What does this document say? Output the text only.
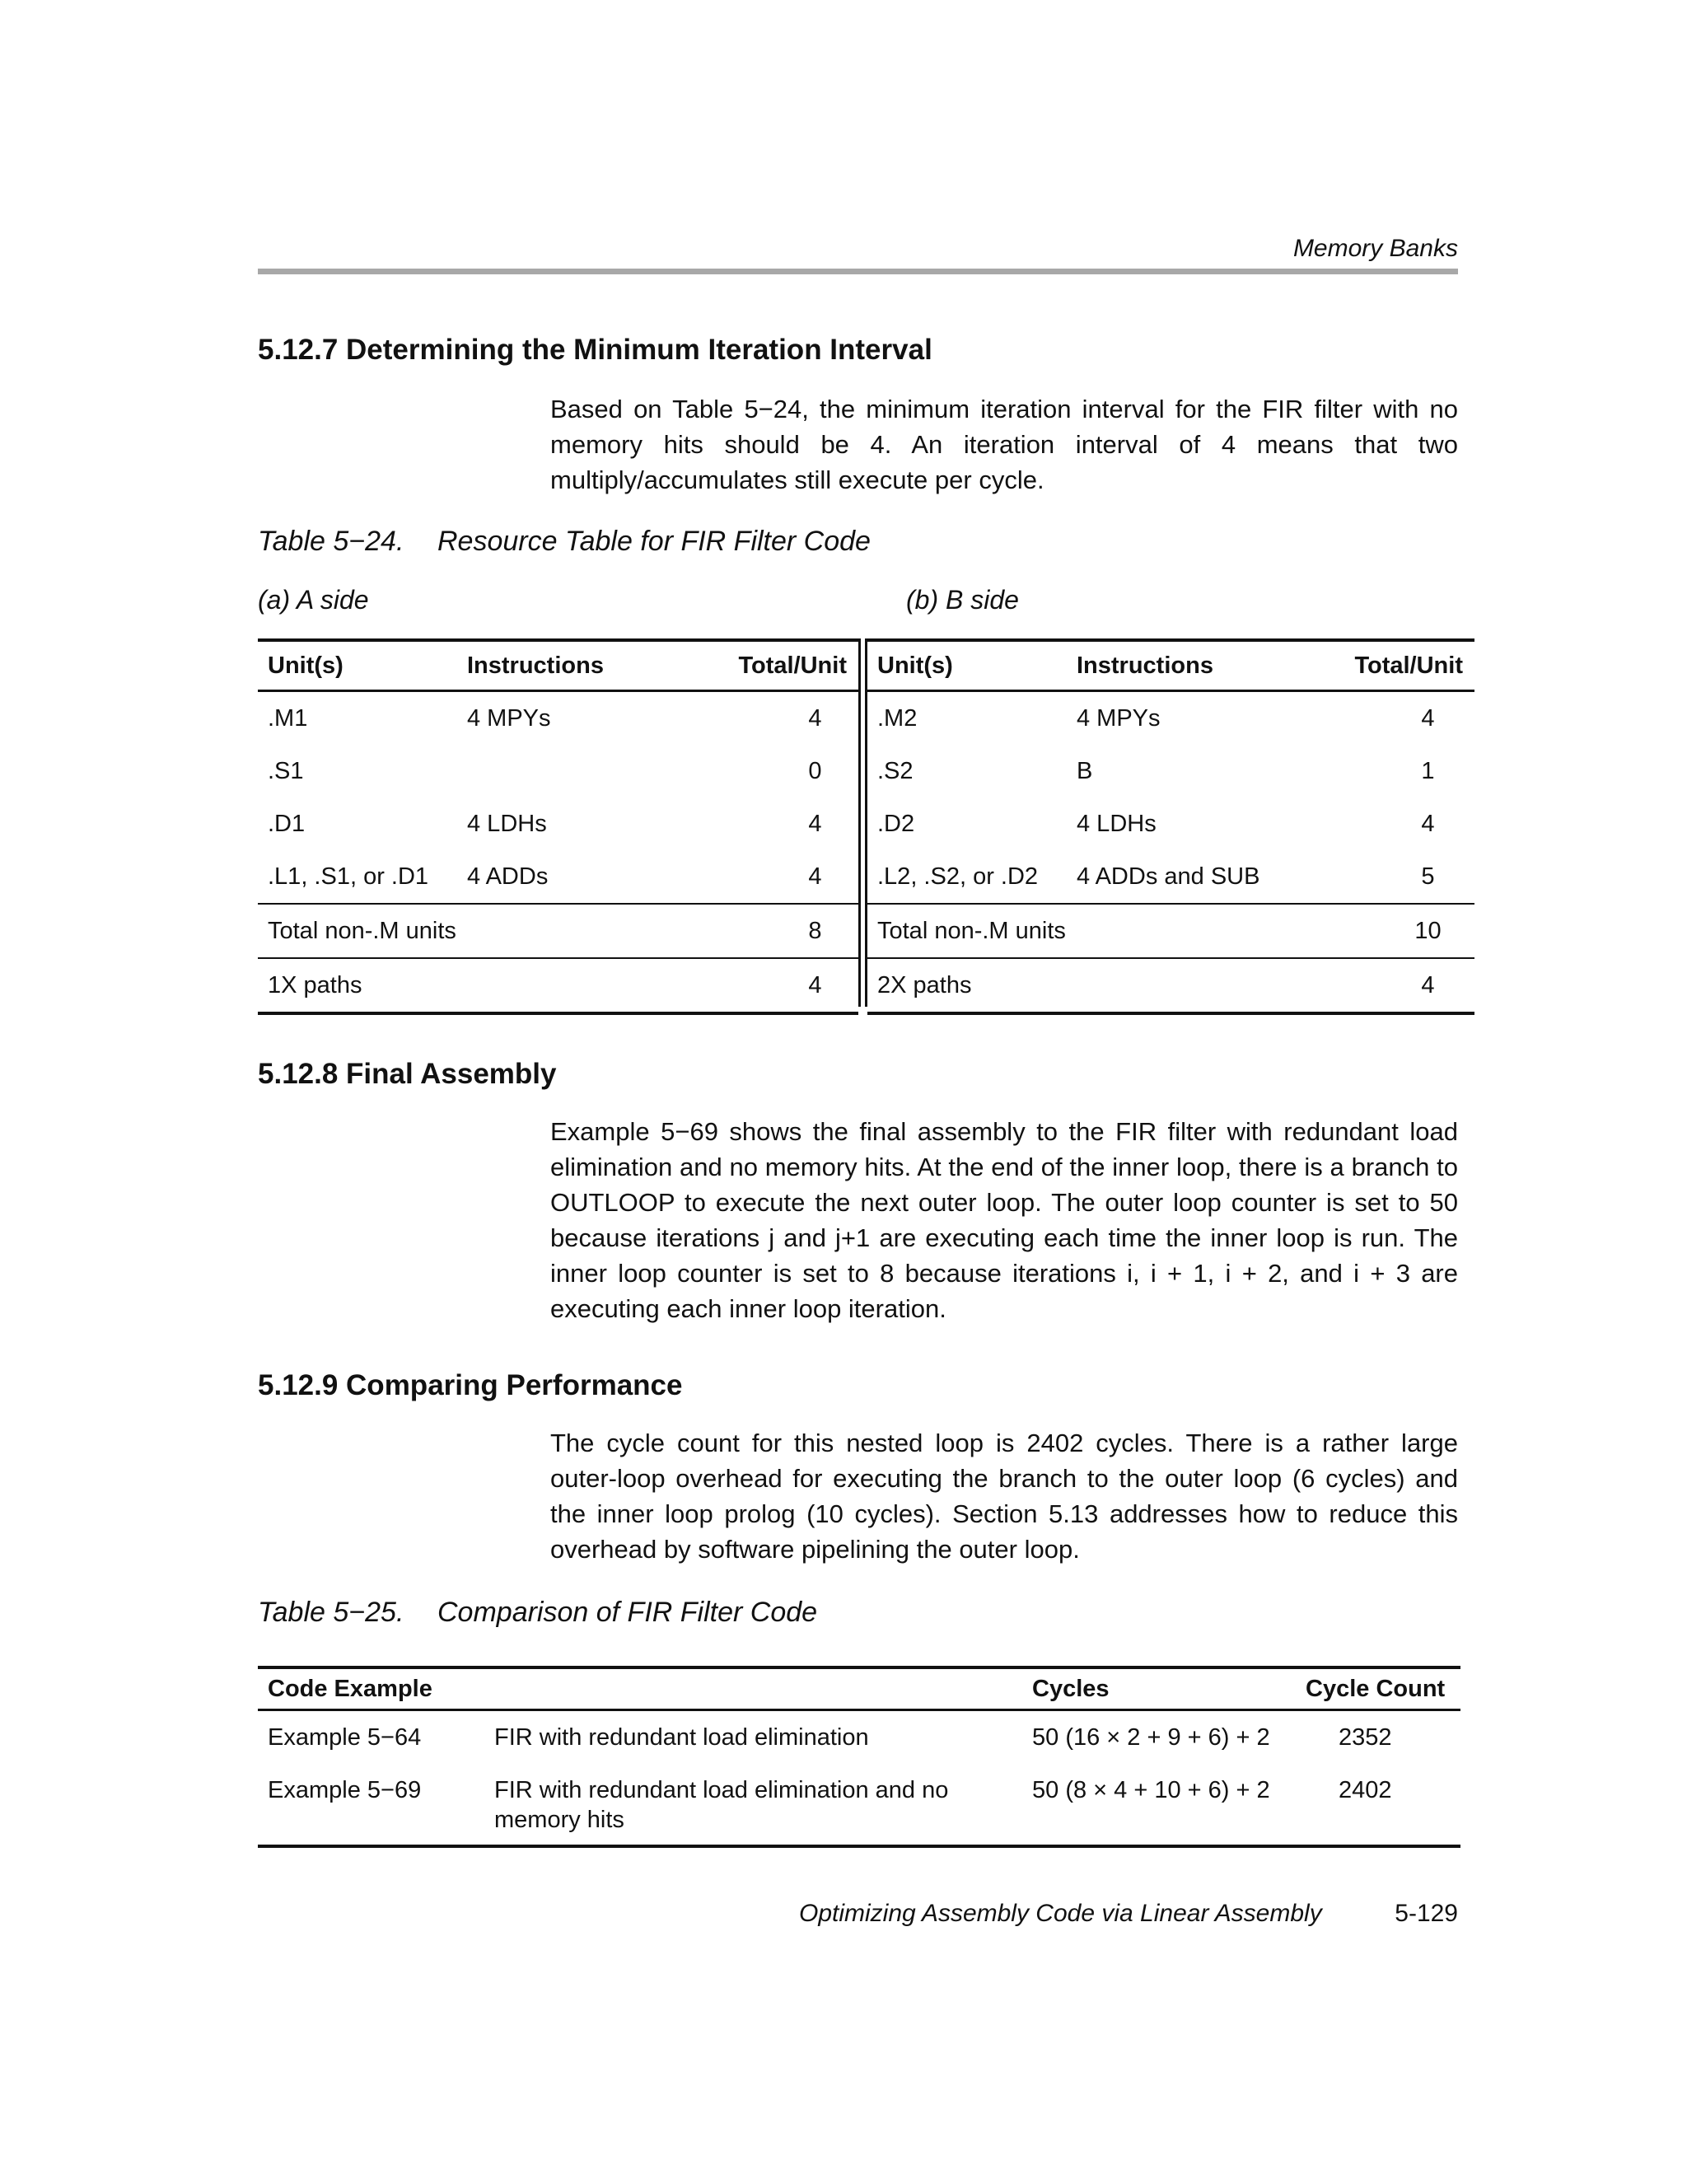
Memory Banks
5.12.7 Determining the Minimum Iteration Interval
Based on Table 5−24, the minimum iteration interval for the FIR filter with no memory hits should be 4. An iteration interval of 4 means that two multiply/accumulates still execute per cycle.
Table 5−24. Resource Table for FIR Filter Code
(a) A side	(b) B side
Unit(s)	Instructions	Total/Unit
.M1	4 MPYs	4
.S1		0
.D1	4 LDHs	4
.L1, .S1, or .D1	4 ADDs	4
Total non-.M units		8
1X paths		4
Unit(s)	Instructions	Total/Unit
.M2	4 MPYs	4
.S2	B	1
.D2	4 LDHs	4
.L2, .S2, or .D2	4 ADDs and SUB	5
Total non-.M units		10
2X paths		4
5.12.8 Final Assembly
Example 5−69 shows the final assembly to the FIR filter with redundant load elimination and no memory hits. At the end of the inner loop, there is a branch to OUTLOOP to execute the next outer loop. The outer loop counter is set to 50 because iterations j and j+1 are executing each time the inner loop is run. The inner loop counter is set to 8 because iterations i, i + 1, i + 2, and i + 3 are executing each inner loop iteration.
5.12.9 Comparing Performance
The cycle count for this nested loop is 2402 cycles. There is a rather large outer-loop overhead for executing the branch to the outer loop (6 cycles) and the inner loop prolog (10 cycles). Section 5.13 addresses how to reduce this overhead by software pipelining the outer loop.
Table 5−25. Comparison of FIR Filter Code
Code Example		Cycles	Cycle Count
Example 5−64	FIR with redundant load elimination	50 (16 × 2 + 9 + 6) + 2	2352
Example 5−69	FIR with redundant load elimination and no memory hits	50 (8 × 4 + 10 + 6) + 2	2402
Optimizing Assembly Code via Linear Assembly	5-129
